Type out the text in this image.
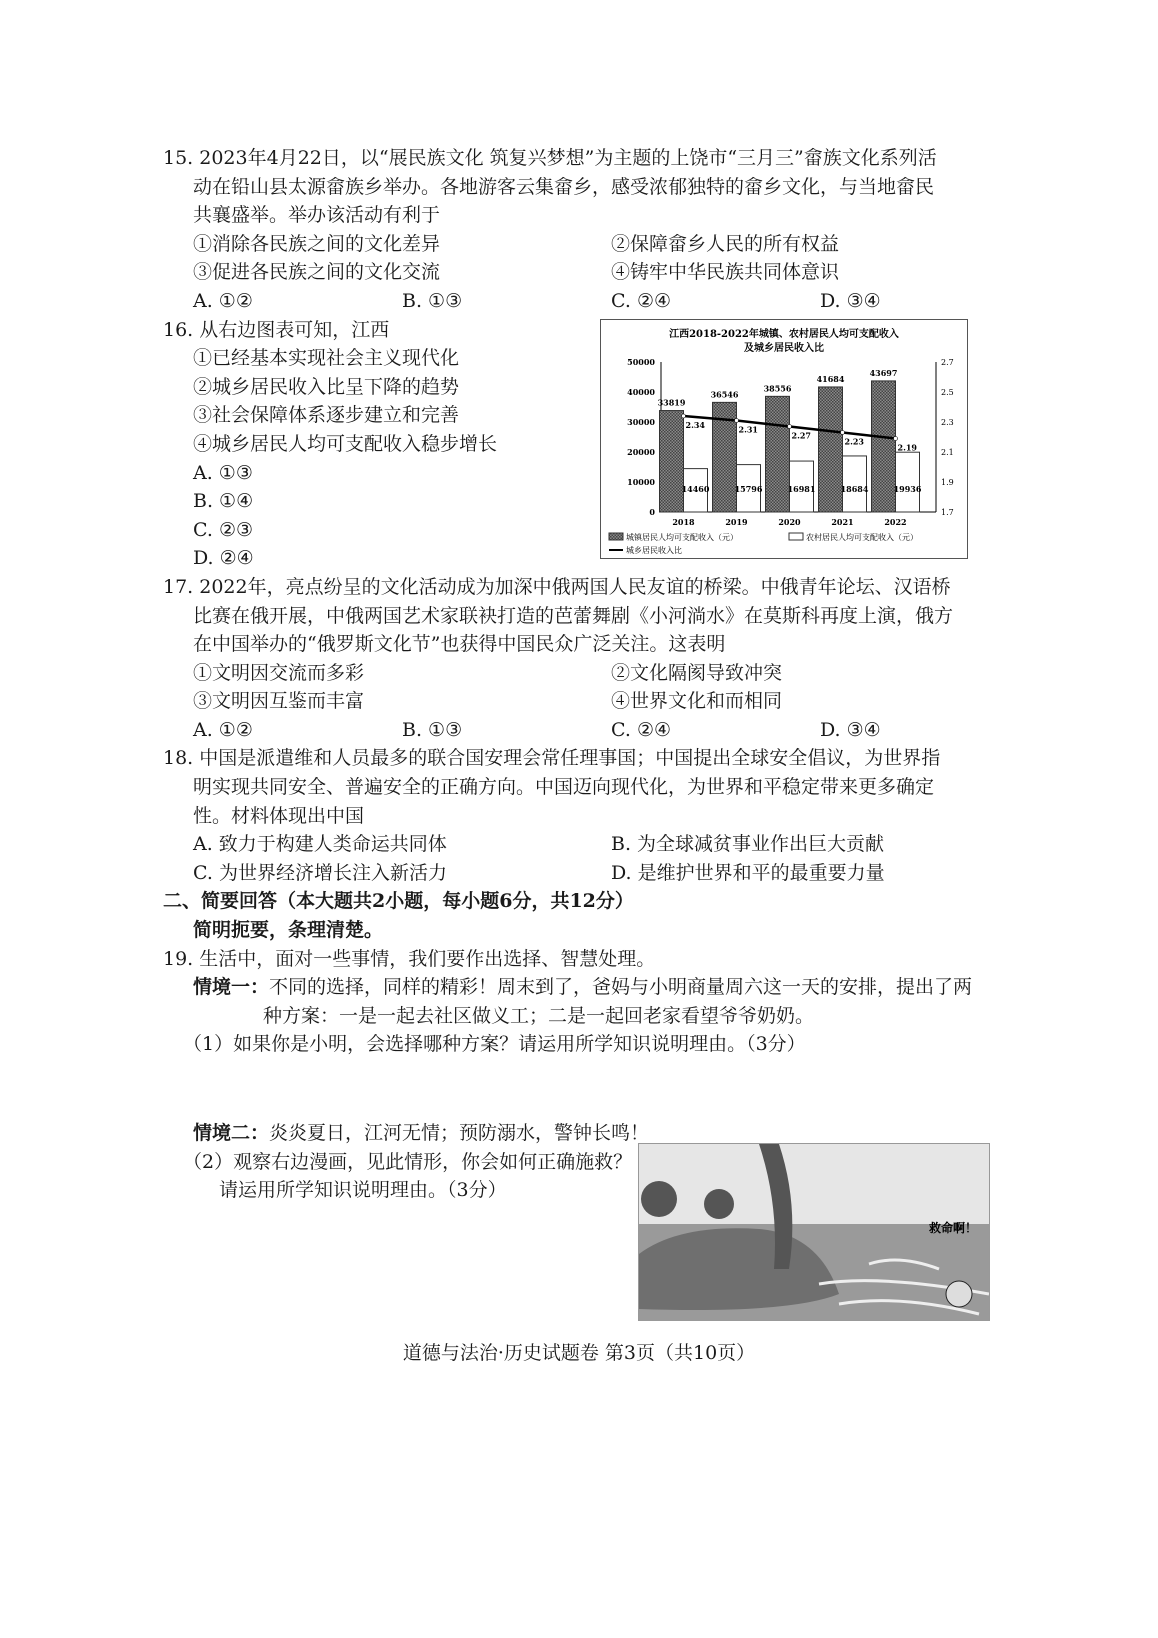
15. 2023年4月22日，以“展民族文化 筑复兴梦想”为主题的上饶市“三月三”畲族文化系列活
动在铅山县太源畲族乡举办。各地游客云集畲乡，感受浓郁独特的畲乡文化，与当地畲民
共襄盛举。举办该活动有利于
①消除各民族之间的文化差异	②保障畲乡人民的所有权益
③促进各民族之间的文化交流	④铸牢中华民族共同体意识
A. ①②	B. ①③	C. ②④	D. ③④
16. 从右边图表可知，江西
①已经基本实现社会主义现代化
②城乡居民收入比呈下降的趋势
③社会保障体系逐步建立和完善
④城乡居民人均可支配收入稳步增长
A. ①③
B. ①④
C. ②③
D. ②④
17. 2022年，亮点纷呈的文化活动成为加深中俄两国人民友谊的桥梁。中俄青年论坛、汉语桥
比赛在俄开展，中俄两国艺术家联袂打造的芭蕾舞剧《小河淌水》在莫斯科再度上演，俄方
在中国举办的“俄罗斯文化节”也获得中国民众广泛关注。这表明
①文明因交流而多彩	②文化隔阂导致冲突
③文明因互鉴而丰富	④世界文化和而相同
A. ①②	B. ①③	C. ②④	D. ③④
18. 中国是派遣维和人员最多的联合国安理会常任理事国；中国提出全球安全倡议，为世界指
明实现共同安全、普遍安全的正确方向。中国迈向现代化，为世界和平稳定带来更多确定
性。材料体现出中国
A. 致力于构建人类命运共同体	B. 为全球减贫事业作出巨大贡献
C. 为世界经济增长注入新活力	D. 是维护世界和平的最重要力量
二、简要回答（本大题共2小题，每小题6分，共12分）
简明扼要，条理清楚。
19. 生活中，面对一些事情，我们要作出选择、智慧处理。
情境一：不同的选择，同样的精彩！周末到了，爸妈与小明商量周六这一天的安排，提出了两
种方案：一是一起去社区做义工；二是一起回老家看望爷爷奶奶。
（1）如果你是小明，会选择哪种方案？请运用所学知识说明理由。（3分）
情境二：炎炎夏日，江河无情；预防溺水，警钟长鸣！
（2）观察右边漫画，见此情形，你会如何正确施救？
请运用所学知识说明理由。（3分）
江西2018-2022年城镇、农村居民人均可支配收入
及城乡居民收入比
0
10000
20000
30000
40000
50000
1.7
1.9
2.1
2.3
2.5
2.7
33819
14460
2018
36546
15796
2019
38556
16981
2020
41684
18684
2021
43697
19936
2022
2.34	2.31
2.27
2.23
2.19
城镇居民人均可支配收入（元）	农村居民人均可支配收入（元）
城乡居民收入比
救命啊！
道德与法治·历史试题卷 第3页（共10页）
